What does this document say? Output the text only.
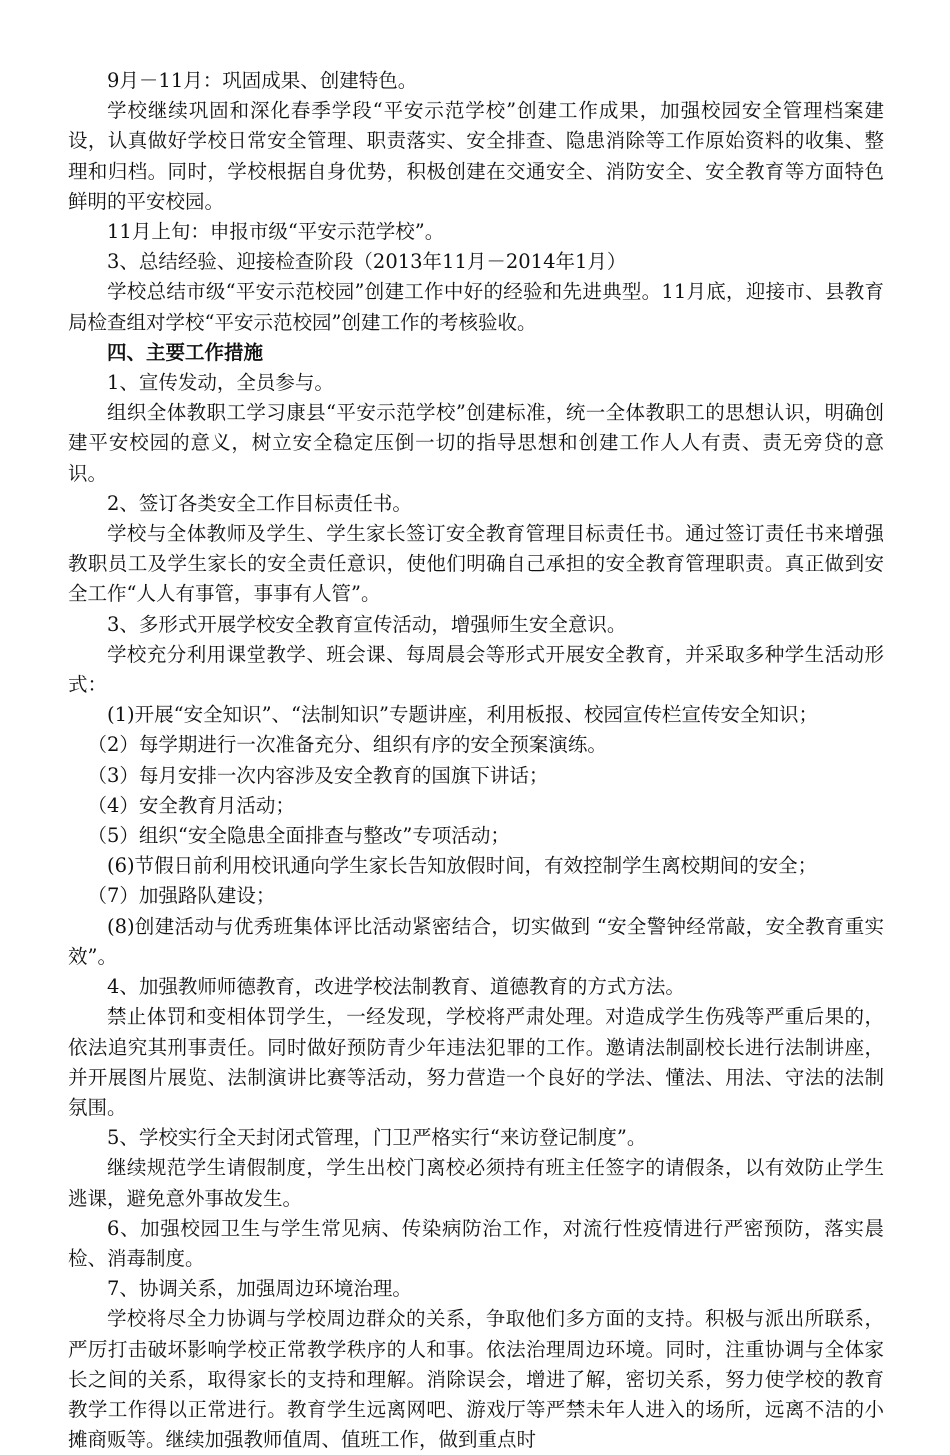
9月－11月：巩固成果、创建特色。

学校继续巩固和深化春季学段“平安示范学校”创建工作成果，加强校园安全管理档案建设，认真做好学校日常安全管理、职责落实、安全排查、隐患消除等工作原始资料的收集、整理和归档。同时，学校根据自身优势，积极创建在交通安全、消防安全、安全教育等方面特色鲜明的平安校园。

11月上旬：申报市级“平安示范学校”。

3、总结经验、迎接检查阶段（2013年11月－2014年1月）

学校总结市级“平安示范校园”创建工作中好的经验和先进典型。11月底，迎接市、县教育局检查组对学校“平安示范校园”创建工作的考核验收。

四、主要工作措施

1、宣传发动，全员参与。

组织全体教职工学习康县“平安示范学校”创建标准，统一全体教职工的思想认识，明确创建平安校园的意义，树立安全稳定压倒一切的指导思想和创建工作人人有责、责无旁贷的意识。

2、签订各类安全工作目标责任书。

学校与全体教师及学生、学生家长签订安全教育管理目标责任书。通过签订责任书来增强教职员工及学生家长的安全责任意识，使他们明确自己承担的安全教育管理职责。真正做到安全工作“人人有事管，事事有人管”。

3、多形式开展学校安全教育宣传活动，增强师生安全意识。

学校充分利用课堂教学、班会课、每周晨会等形式开展安全教育，并采取多种学生活动形式：

(1)开展“安全知识”、“法制知识”专题讲座，利用板报、校园宣传栏宣传安全知识；

（2）每学期进行一次准备充分、组织有序的安全预案演练。

（3）每月安排一次内容涉及安全教育的国旗下讲话；

（4）安全教育月活动；

（5）组织“安全隐患全面排查与整改”专项活动；

(6)节假日前利用校讯通向学生家长告知放假时间，有效控制学生离校期间的安全；

（7）加强路队建设；

(8)创建活动与优秀班集体评比活动紧密结合，切实做到 “安全警钟经常敲，安全教育重实效”。

4、加强教师师德教育，改进学校法制教育、道德教育的方式方法。

禁止体罚和变相体罚学生，一经发现，学校将严肃处理。对造成学生伤残等严重后果的，依法追究其刑事责任。同时做好预防青少年违法犯罪的工作。邀请法制副校长进行法制讲座，并开展图片展览、法制演讲比赛等活动，努力营造一个良好的学法、懂法、用法、守法的法制氛围。

5、学校实行全天封闭式管理，门卫严格实行“来访登记制度”。

继续规范学生请假制度，学生出校门离校必须持有班主任签字的请假条，以有效防止学生逃课，避免意外事故发生。

6、加强校园卫生与学生常见病、传染病防治工作，对流行性疫情进行严密预防，落实晨检、消毒制度。

7、协调关系，加强周边环境治理。

学校将尽全力协调与学校周边群众的关系，争取他们多方面的支持。积极与派出所联系，严厉打击破坏影响学校正常教学秩序的人和事。依法治理周边环境。同时，注重协调与全体家长之间的关系，取得家长的支持和理解。消除误会，增进了解，密切关系，努力使学校的教育教学工作得以正常进行。教育学生远离网吧、游戏厅等严禁未年人进入的场所，远离不洁的小摊商贩等。继续加强教师值周、值班工作，做到重点时
